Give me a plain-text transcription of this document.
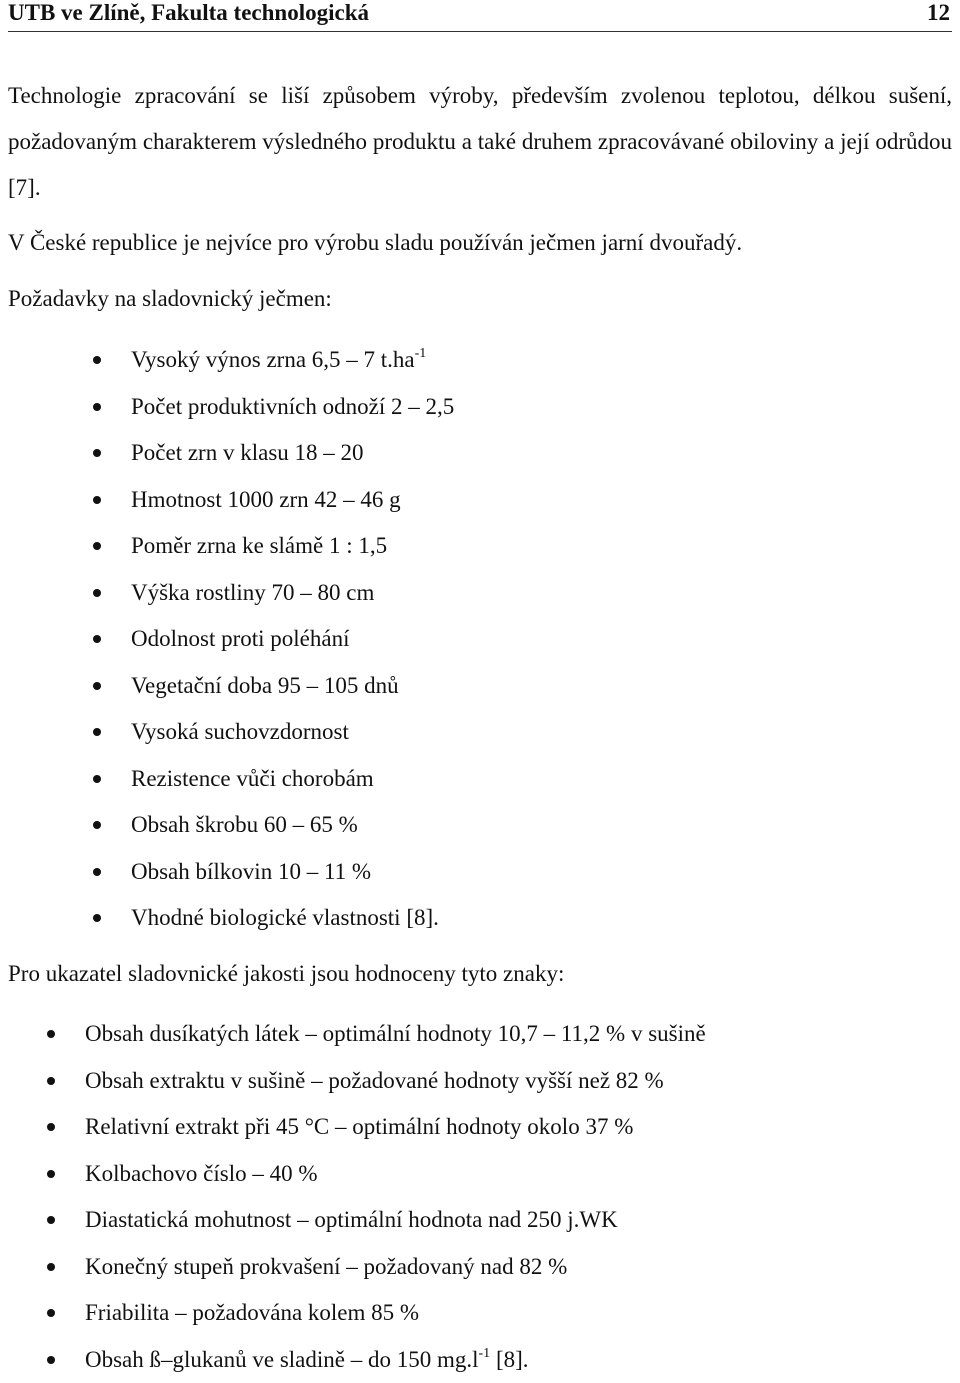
UTB ve Zlíně, Fakulta technologická	12

Technologie zpracování se liší způsobem výroby, především zvolenou teplotou, délkou sušení, požadovaným charakterem výsledného produktu a také druhem zpracovávané obiloviny a její odrůdou [7].

V České republice je nejvíce pro výrobu sladu používán ječmen jarní dvouřadý.

Požadavky na sladovnický ječmen:

Vysoký výnos zrna 6,5 – 7 $t.ha^{-1}$
Počet produktivních odnoží 2 – 2,5
Počet zrn v klasu 18 – 20
Hmotnost 1000 zrn 42 – 46 g
Poměr zrna ke slámě 1 : 1,5
Výška rostliny 70 – 80 cm
Odolnost proti poléhání
Vegetační doba 95 – 105 dnů
Vysoká suchovzdornost
Rezistence vůči chorobám
Obsah škrobu 60 – 65 %
Obsah bílkovin 10 – 11 %
Vhodné biologické vlastnosti [8].

Pro ukazatel sladovnické jakosti jsou hodnoceny tyto znaky:

Obsah dusíkatých látek – optimální hodnoty 10,7 – 11,2 % v sušině
Obsah extraktu v sušině – požadované hodnoty vyšší než 82 %
Relativní extrakt při 45 °C – optimální hodnoty okolo 37 %
Kolbachovo číslo – 40 %
Diastatická mohutnost – optimální hodnota nad 250 j.WK
Konečný stupeň prokvašení – požadovaný nad 82 %
Friabilita – požadována kolem 85 %
Obsah ß–glukanů ve sladině – do 150 $mg.l^{-1}$ [8].
